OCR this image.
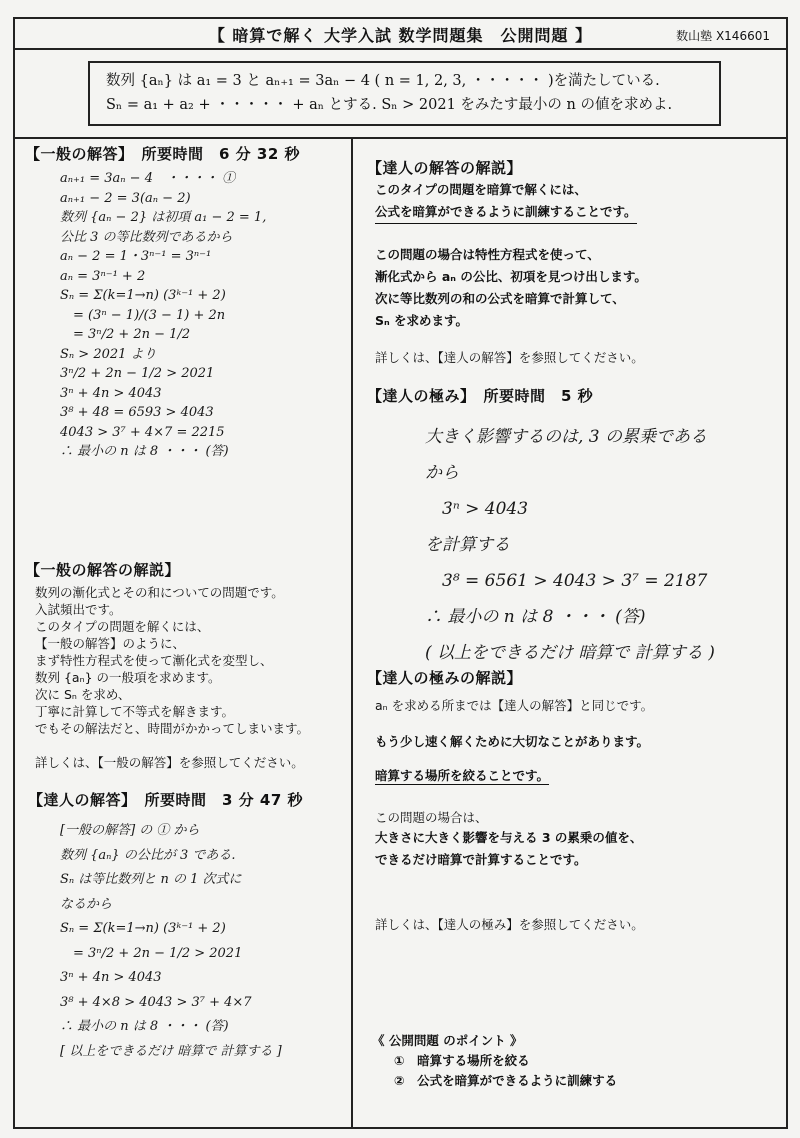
【 暗算で解く 大学入試 数学問題集　公開問題 】	数山塾 X146601
数列 {aₙ} は a₁ = 3 と aₙ₊₁ = 3aₙ − 4 ( n = 1, 2, 3, ・・・・・ )を満たしている.
Sₙ = a₁ + a₂ + ・・・・・ + aₙ とする. Sₙ > 2021 をみたす最小の n の値を求めよ.
【一般の解答】　所要時間　6 分 32 秒
aₙ₊₁ = 3aₙ − 4　・・・・ ①
aₙ₊₁ − 2 = 3(aₙ − 2)
数列 {aₙ − 2} は初項 a₁ − 2 = 1,
公比 3 の等比数列であるから
aₙ − 2 = 1・3ⁿ⁻¹ = 3ⁿ⁻¹
aₙ = 3ⁿ⁻¹ + 2
Sₙ = Σ(k=1→n) (3ᵏ⁻¹ + 2)
　= (3ⁿ − 1)/(3 − 1) + 2n
　= 3ⁿ/2 + 2n − 1/2
Sₙ > 2021 より
3ⁿ/2 + 2n − 1/2 > 2021
3ⁿ + 4n > 4043
3⁸ + 48 = 6593 > 4043
4043 > 3⁷ + 4×7 = 2215
∴ 最小の n は 8 ・・・ (答)
【一般の解答の解説】
数列の漸化式とその和についての問題です。
入試頻出です。
このタイプの問題を解くには、
【一般の解答】のように、
まず特性方程式を使って漸化式を変型し、
数列 {aₙ} の一般項を求めます。
次に Sₙ を求め、
丁寧に計算して不等式を解きます。
でもその解法だと、時間がかかってしまいます。
詳しくは、【一般の解答】を参照してください。
【達人の解答】　所要時間　3 分 47 秒
[一般の解答] の ① から
数列 {aₙ} の公比が 3 である.
Sₙ は等比数列と n の 1 次式に
なるから
Sₙ = Σ(k=1→n) (3ᵏ⁻¹ + 2)
　= 3ⁿ/2 + 2n − 1/2 > 2021
3ⁿ + 4n > 4043
3⁸ + 4×8 > 4043 > 3⁷ + 4×7
∴ 最小の n は 8 ・・・ (答)
[ 以上をできるだけ 暗算で 計算する ]
【達人の解答の解説】
このタイプの問題を暗算で解くには、
公式を暗算ができるように訓練することです。
この問題の場合は特性方程式を使って、
漸化式から aₙ の公比、初項を見つけ出します。
次に等比数列の和の公式を暗算で計算して、
Sₙ を求めます。
詳しくは、【達人の解答】を参照してください。
【達人の極み】　所要時間　5 秒
大きく影響するのは, 3 の累乗である
から
　3ⁿ > 4043
を計算する
　3⁸ = 6561 > 4043 > 3⁷ = 2187
∴ 最小の n は 8 ・・・ (答)
( 以上をできるだけ 暗算で 計算する )
【達人の極みの解説】
aₙ を求める所までは【達人の解答】と同じです。
もう少し速く解くために大切なことがあります。
暗算する場所を絞ることです。
この問題の場合は、
大きさに大きく影響を与える 3 の累乗の値を、
できるだけ暗算で計算することです。
詳しくは、【達人の極み】を参照してください。
《 公開問題 のポイント 》
①　暗算する場所を絞る
②　公式を暗算ができるように訓練する
